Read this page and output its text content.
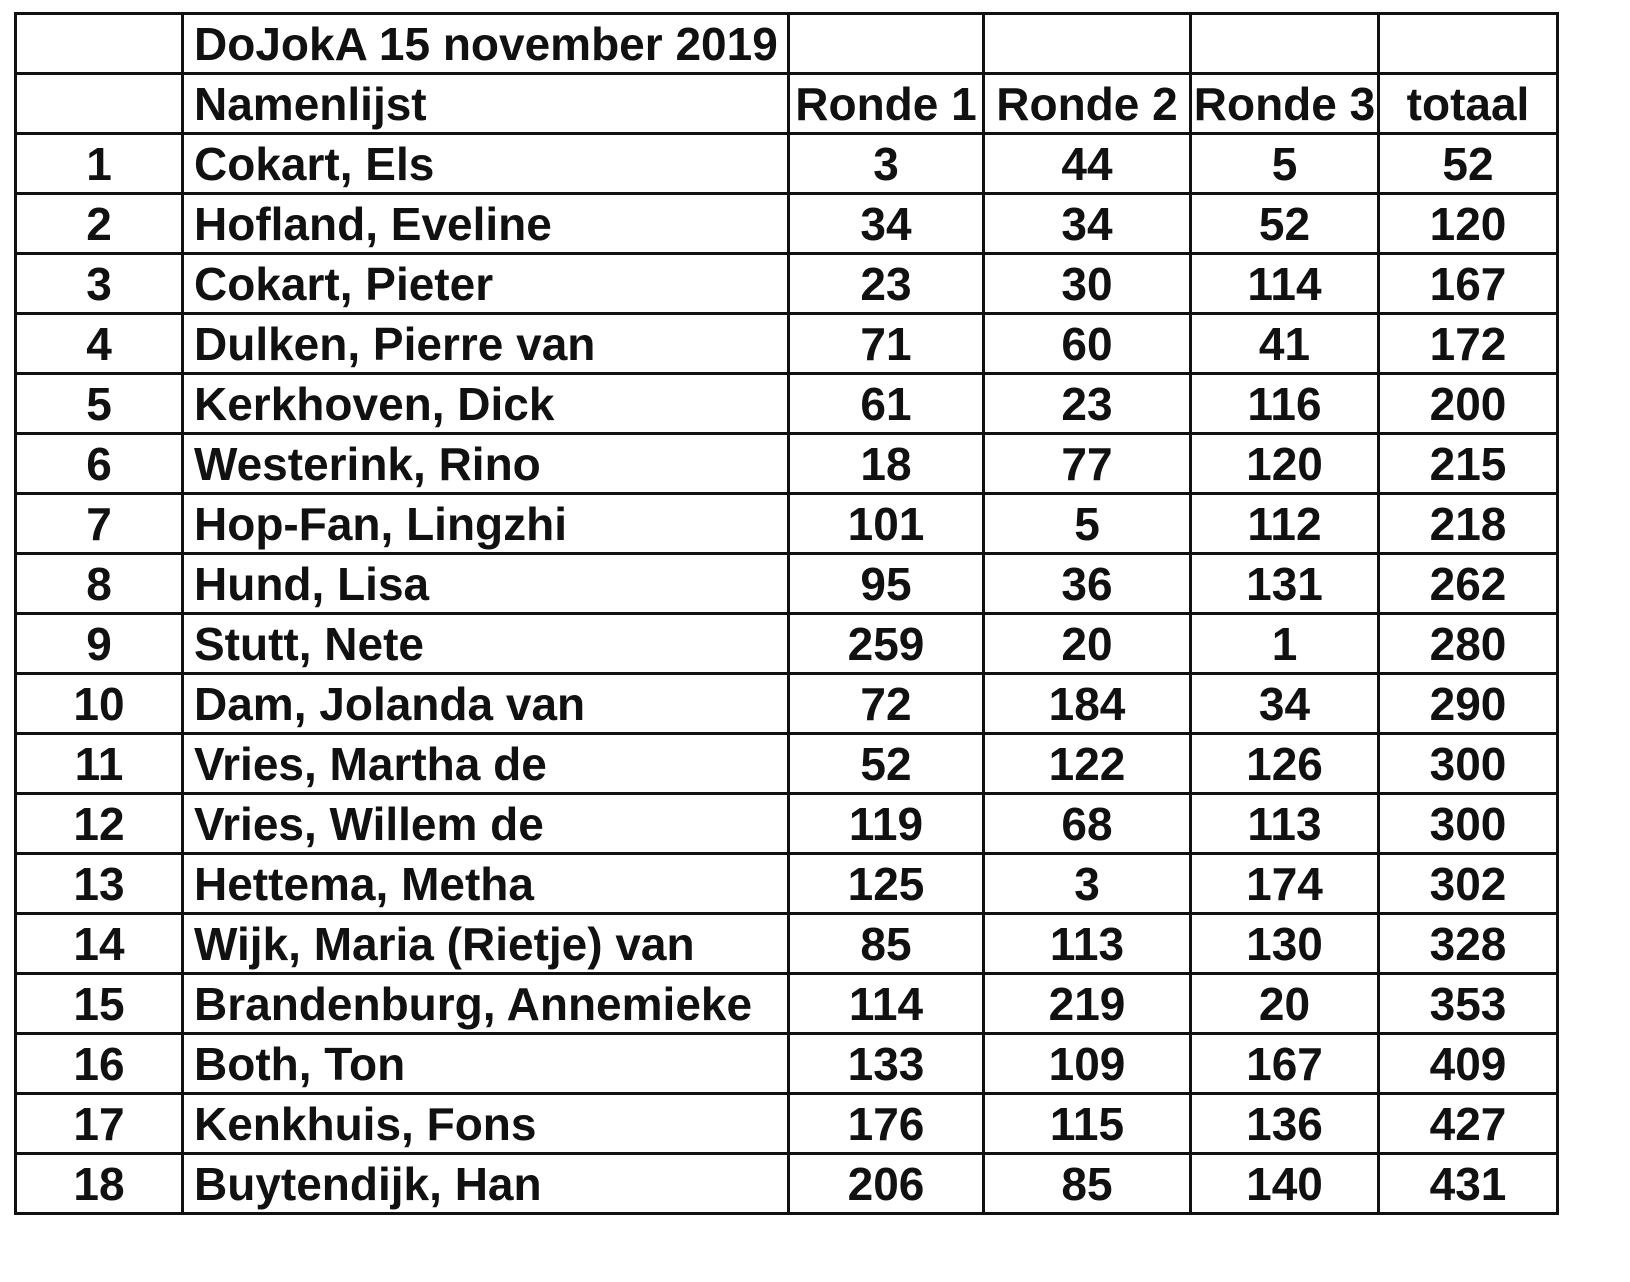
	DoJokA 15 november 2019				
	Namenlijst	Ronde 1	Ronde 2	Ronde 3	totaal
1	Cokart, Els	3	44	5	52
2	Hofland, Eveline	34	34	52	120
3	Cokart, Pieter	23	30	114	167
4	Dulken, Pierre van	71	60	41	172
5	Kerkhoven, Dick	61	23	116	200
6	Westerink, Rino	18	77	120	215
7	Hop-Fan, Lingzhi	101	5	112	218
8	Hund, Lisa	95	36	131	262
9	Stutt, Nete	259	20	1	280
10	Dam, Jolanda van	72	184	34	290
11	Vries, Martha de	52	122	126	300
12	Vries, Willem de	119	68	113	300
13	Hettema, Metha	125	3	174	302
14	Wijk, Maria (Rietje) van	85	113	130	328
15	Brandenburg, Annemieke	114	219	20	353
16	Both, Ton	133	109	167	409
17	Kenkhuis, Fons	176	115	136	427
18	Buytendijk, Han	206	85	140	431
